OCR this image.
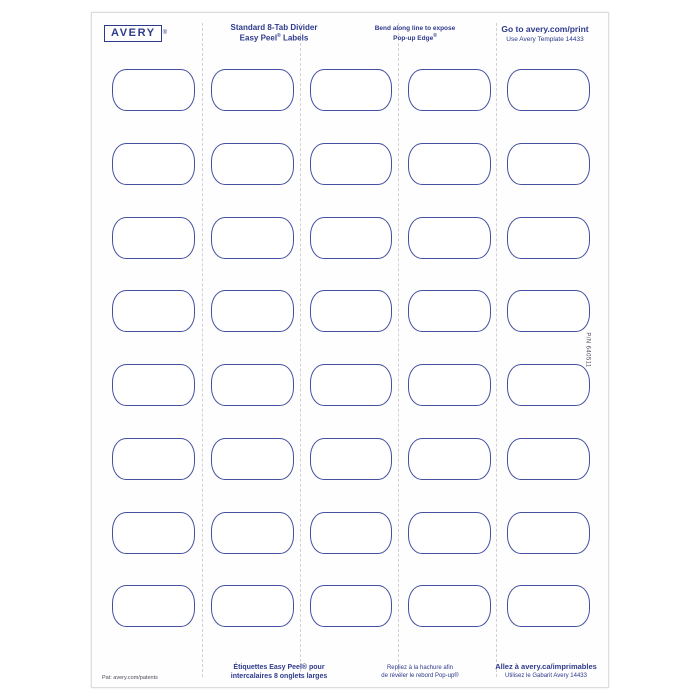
AVERY	®
Standard 8-Tab Divider
Easy Peel® Labels
Bend along line to expose
Pop-up Edge®
Go to avery.com/print
Use Avery Template 14433
P/N 640511
Pat: avery.com/patents
Étiquettes Easy Peel® pour
intercalaires 8 onglets larges
Repliez à la hachure afin
de révéler le rebord Pop-up®
Allez à avery.ca/imprimables
Utilisez le Gabarit Avery 14433
